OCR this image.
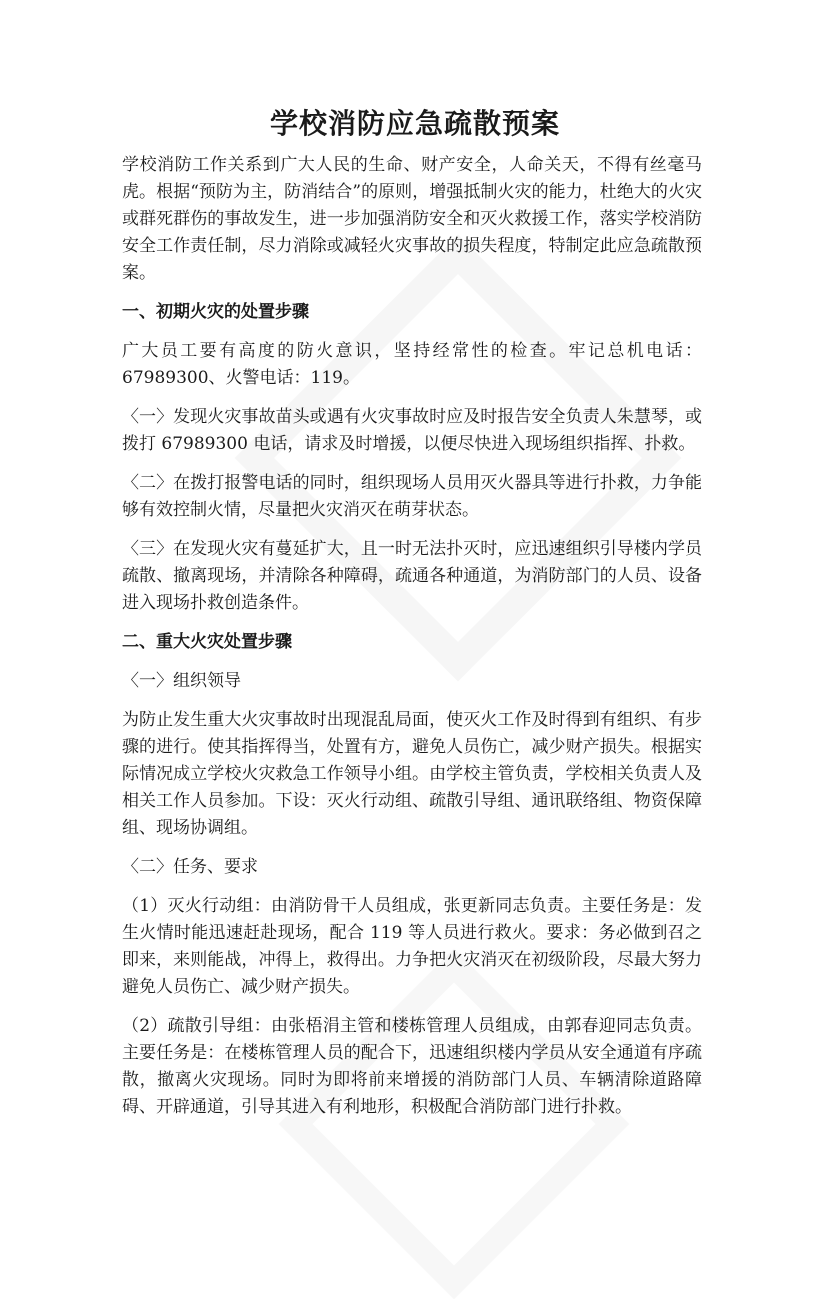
学校消防应急疏散预案

学校消防工作关系到广大人民的生命、财产安全，人命关天，不得有丝毫马虎。根据“预防为主，防消结合”的原则，增强抵制火灾的能力，杜绝大的火灾或群死群伤的事故发生，进一步加强消防安全和灭火救援工作，落实学校消防安全工作责任制，尽力消除或减轻火灾事故的损失程度，特制定此应急疏散预案。

一、初期火灾的处置步骤

广大员工要有高度的防火意识，坚持经常性的检查。牢记总机电话：67989300、火警电话：119。

〈一〉发现火灾事故苗头或遇有火灾事故时应及时报告安全负责人朱慧琴，或拨打 67989300 电话，请求及时增援，以便尽快进入现场组织指挥、扑救。

〈二〉在拨打报警电话的同时，组织现场人员用灭火器具等进行扑救，力争能够有效控制火情，尽量把火灾消灭在萌芽状态。

〈三〉在发现火灾有蔓延扩大，且一时无法扑灭时，应迅速组织引导楼内学员疏散、撤离现场，并清除各种障碍，疏通各种通道，为消防部门的人员、设备进入现场扑救创造条件。

二、重大火灾处置步骤

〈一〉组织领导

为防止发生重大火灾事故时出现混乱局面，使灭火工作及时得到有组织、有步骤的进行。使其指挥得当，处置有方，避免人员伤亡，减少财产损失。根据实际情况成立学校火灾救急工作领导小组。由学校主管负责，学校相关负责人及相关工作人员参加。下设：灭火行动组、疏散引导组、通讯联络组、物资保障组、现场协调组。

〈二〉任务、要求

（1）灭火行动组：由消防骨干人员组成，张更新同志负责。主要任务是：发生火情时能迅速赶赴现场，配合 119 等人员进行救火。要求：务必做到召之即来，来则能战，冲得上，救得出。力争把火灾消灭在初级阶段，尽最大努力避免人员伤亡、减少财产损失。

（2）疏散引导组：由张梧涓主管和楼栋管理人员组成，由郭春迎同志负责。主要任务是：在楼栋管理人员的配合下，迅速组织楼内学员从安全通道有序疏散，撤离火灾现场。同时为即将前来增援的消防部门人员、车辆清除道路障碍、开辟通道，引导其进入有利地形，积极配合消防部门进行扑救。
